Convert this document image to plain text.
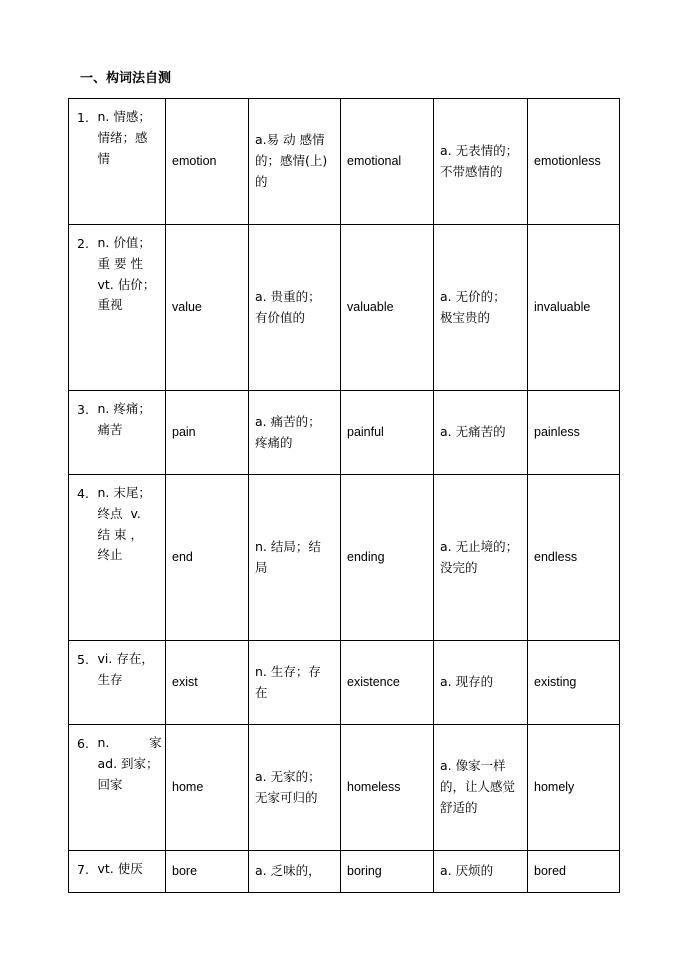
一、构词法自测
1.	n. 情感；
情绪；感
情	emotion	a.易 动 感情
的；感情(上)
的	emotional	a. 无表情的；
不带感情的	emotionless
2.	n. 价值；
重 要 性
vt. 估价；
重视	value	a. 贵重的；
有价值的	valuable	a. 无价的；
极宝贵的	invaluable
3.	n. 疼痛；
痛苦	pain	a. 痛苦的；
疼痛的	painful	a. 无痛苦的	painless
4.	n. 末尾；
终点  v.
结 束 ，
终止	end	n. 结局；结
局	ending	a. 无止境的；
没完的	endless
5.	vi. 存在，
生存	exist	n. 生存；存
在	existence	a. 现存的	existing
6.	n.          家
ad. 到家；
回家	home	a. 无家的；
无家可归的	homeless	a. 像家一样
的，让人感觉
舒适的	homely
7.	vt. 使厌	bore	a. 乏味的，	boring	a. 厌烦的	bored
